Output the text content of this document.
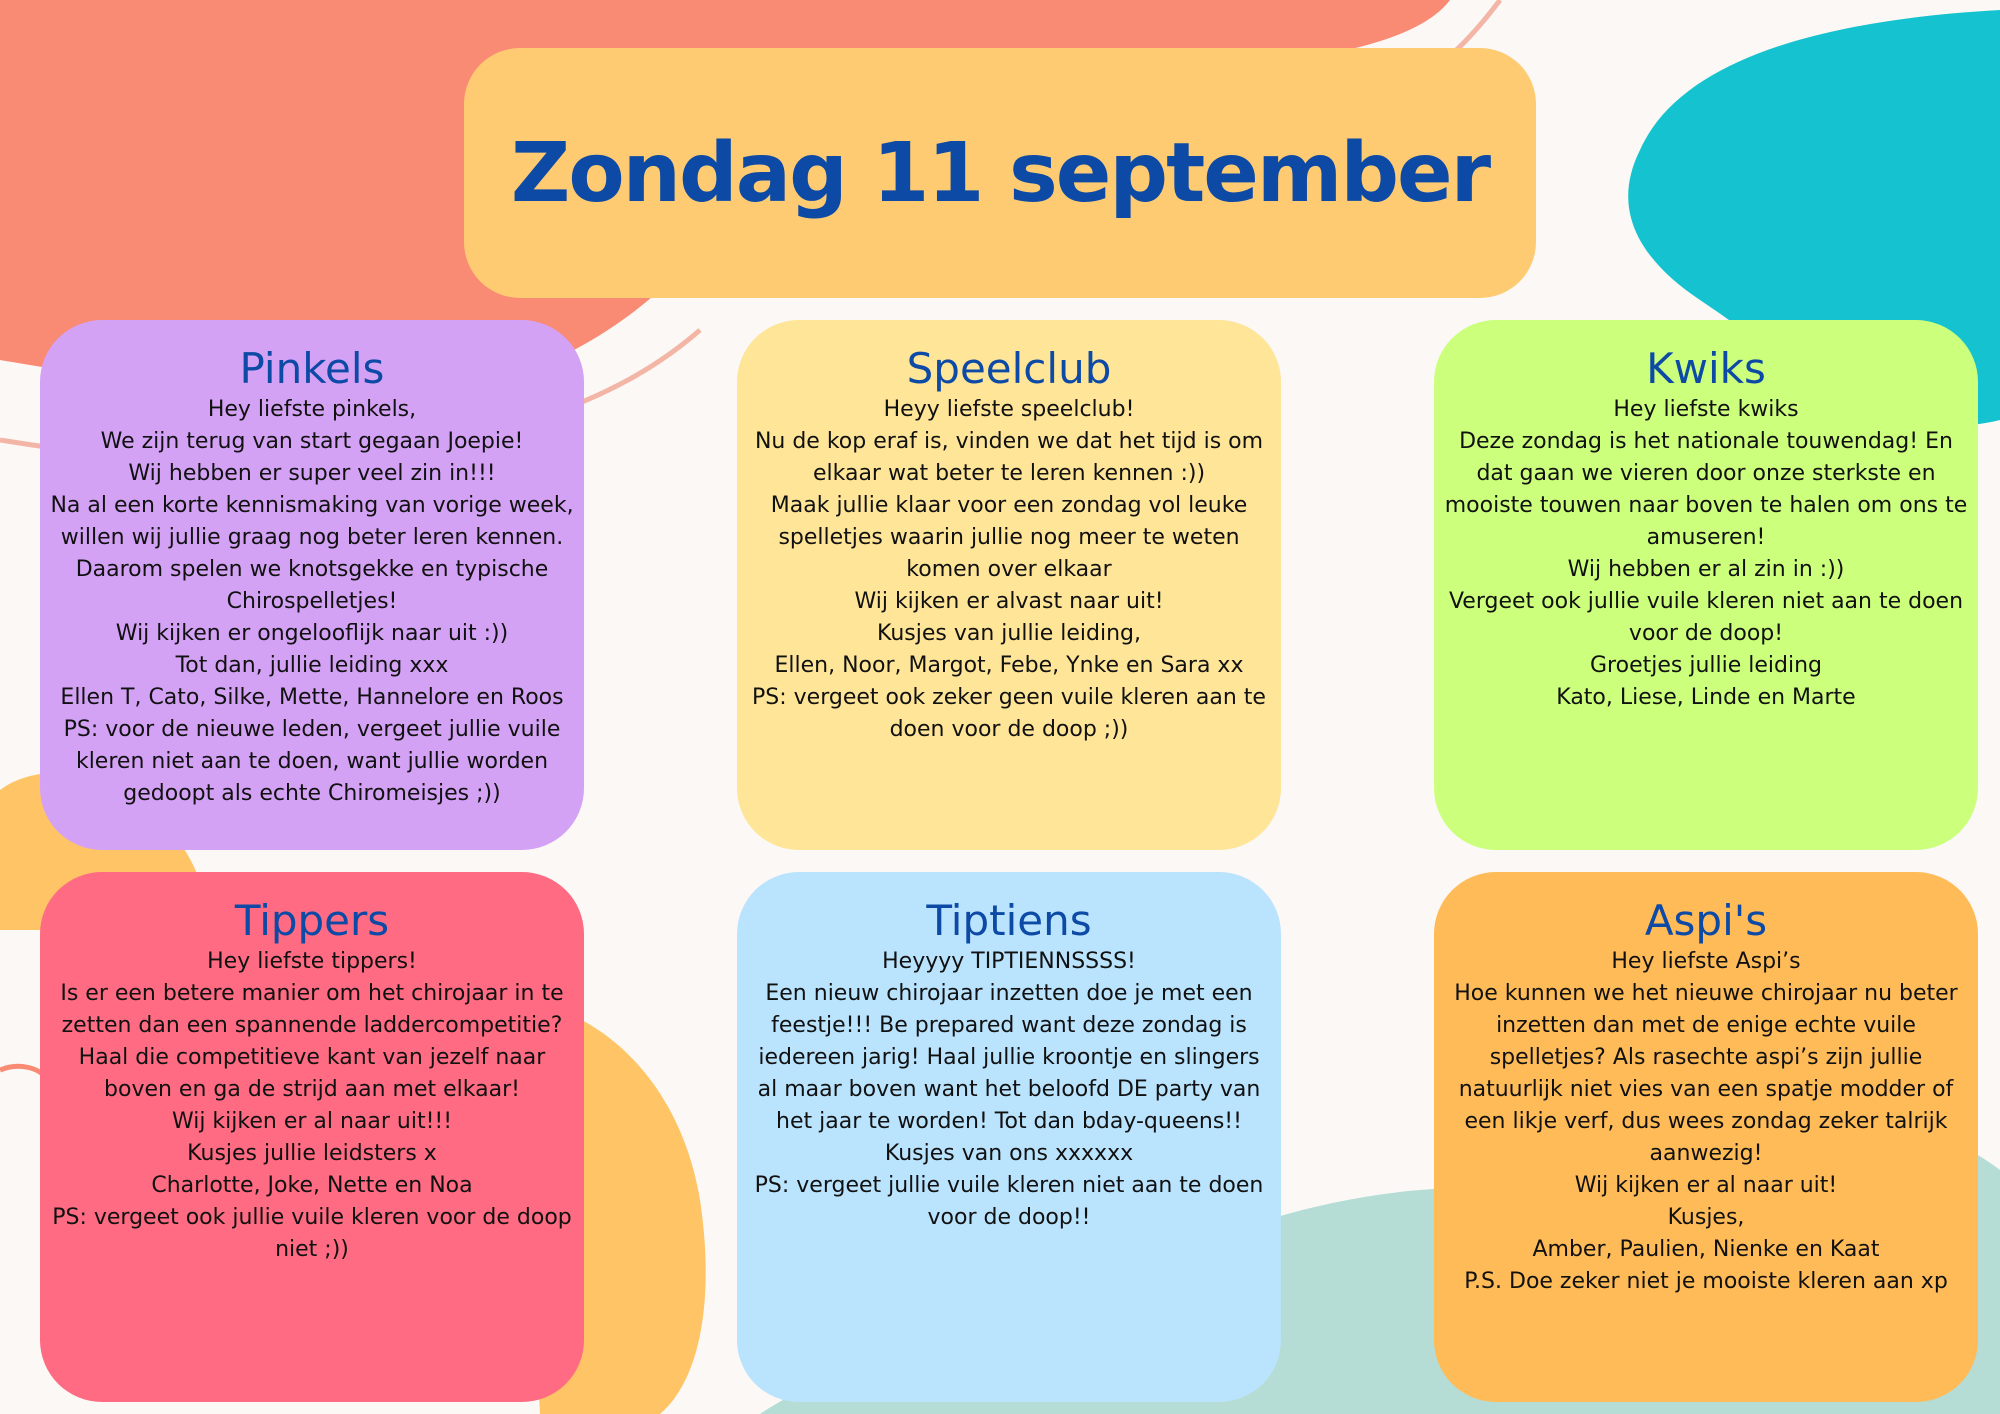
Zondag 11 september
Pinkels
Hey liefste pinkels,
We zijn terug van start gegaan Joepie!
Wij hebben er super veel zin in!!!
Na al een korte kennismaking van vorige week, willen wij jullie graag nog beter leren kennen.
Daarom spelen we knotsgekke en typische Chirospelletjes!
Wij kijken er ongelooflijk naar uit :))
Tot dan, jullie leiding xxx
Ellen T, Cato, Silke, Mette, Hannelore en Roos
PS: voor de nieuwe leden, vergeet jullie vuile kleren niet aan te doen, want jullie worden gedoopt als echte Chiromeisjes ;))
Speelclub
Heyy liefste speelclub!
Nu de kop eraf is, vinden we dat het tijd is om elkaar wat beter te leren kennen :))
Maak jullie klaar voor een zondag vol leuke spelletjes waarin jullie nog meer te weten komen over elkaar
Wij kijken er alvast naar uit!
Kusjes van jullie leiding,
Ellen, Noor, Margot, Febe, Ynke en Sara xx
PS: vergeet ook zeker geen vuile kleren aan te doen voor de doop ;))
Kwiks
Hey liefste kwiks
Deze zondag is het nationale touwendag! En dat gaan we vieren door onze sterkste en mooiste touwen naar boven te halen om ons te amuseren!
Wij hebben er al zin in :))
Vergeet ook jullie vuile kleren niet aan te doen voor de doop!
Groetjes jullie leiding
Kato, Liese, Linde en Marte
Tippers
Hey liefste tippers!
Is er een betere manier om het chirojaar in te zetten dan een spannende laddercompetitie? Haal die competitieve kant van jezelf naar boven en ga de strijd aan met elkaar!
Wij kijken er al naar uit!!!
Kusjes jullie leidsters x
Charlotte, Joke, Nette en Noa
PS: vergeet ook jullie vuile kleren voor de doop niet ;))
Tiptiens
Heyyyy TIPTIENNSSSS!
Een nieuw chirojaar inzetten doe je met een feestje!!! Be prepared want deze zondag is iedereen jarig! Haal jullie kroontje en slingers al maar boven want het beloofd DE party van het jaar te worden! Tot dan bday-queens!!
Kusjes van ons xxxxxx
PS: vergeet jullie vuile kleren niet aan te doen voor de doop!!
Aspi's
Hey liefste Aspi’s
Hoe kunnen we het nieuwe chirojaar nu beter inzetten dan met de enige echte vuile spelletjes? Als rasechte aspi’s zijn jullie natuurlijk niet vies van een spatje modder of een likje verf, dus wees zondag zeker talrijk aanwezig!
Wij kijken er al naar uit!
Kusjes,
Amber, Paulien, Nienke en Kaat
P.S. Doe zeker niet je mooiste kleren aan xp
